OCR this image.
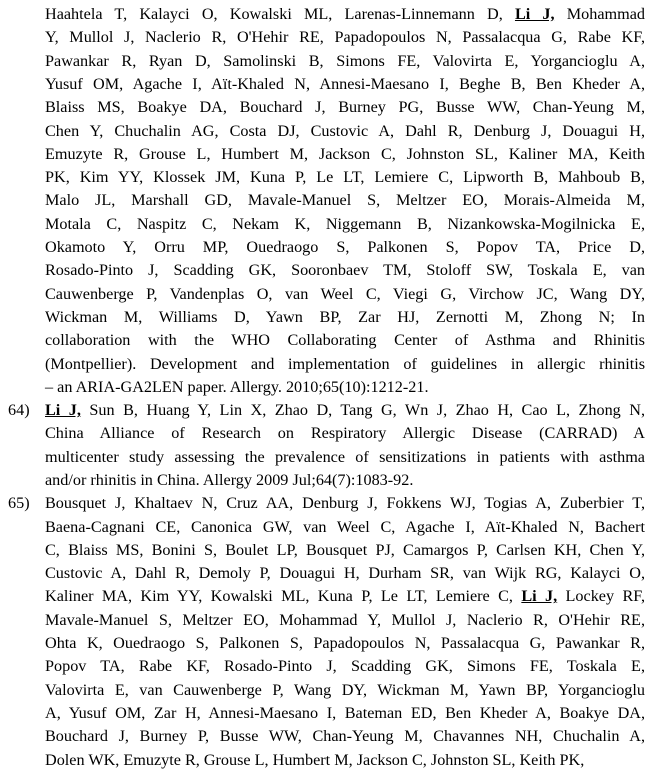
Haahtela T, Kalayci O, Kowalski ML, Larenas-Linnemann D, Li J, Mohammad
Y, Mullol J, Naclerio R, O'Hehir RE, Papadopoulos N, Passalacqua G, Rabe KF,
Pawankar R, Ryan D, Samolinski B, Simons FE, Valovirta E, Yorgancioglu A,
Yusuf OM, Agache I, Aït-Khaled N, Annesi-Maesano I, Beghe B, Ben Kheder A,
Blaiss MS, Boakye DA, Bouchard J, Burney PG, Busse WW, Chan-Yeung M,
Chen Y, Chuchalin AG, Costa DJ, Custovic A, Dahl R, Denburg J, Douagui H,
Emuzyte R, Grouse L, Humbert M, Jackson C, Johnston SL, Kaliner MA, Keith
PK, Kim YY, Klossek JM, Kuna P, Le LT, Lemiere C, Lipworth B, Mahboub B,
Malo JL, Marshall GD, Mavale-Manuel S, Meltzer EO, Morais-Almeida M,
Motala C, Naspitz C, Nekam K, Niggemann B, Nizankowska-Mogilnicka E,
Okamoto Y, Orru MP, Ouedraogo S, Palkonen S, Popov TA, Price D,
Rosado-Pinto J, Scadding GK, Sooronbaev TM, Stoloff SW, Toskala E, van
Cauwenberge P, Vandenplas O, van Weel C, Viegi G, Virchow JC, Wang DY,
Wickman M, Williams D, Yawn BP, Zar HJ, Zernotti M, Zhong N; In
collaboration with the WHO Collaborating Center of Asthma and Rhinitis
(Montpellier). Development and implementation of guidelines in allergic rhinitis
– an ARIA-GA2LEN paper. Allergy. 2010;65(10):1212-21.
64) Li J, Sun B, Huang Y, Lin X, Zhao D, Tang G, Wn J, Zhao H, Cao L, Zhong N,
China Alliance of Research on Respiratory Allergic Disease (CARRAD) A
multicenter study assessing the prevalence of sensitizations in patients with asthma
and/or rhinitis in China. Allergy 2009 Jul;64(7):1083-92.
65) Bousquet J, Khaltaev N, Cruz AA, Denburg J, Fokkens WJ, Togias A, Zuberbier T,
Baena-Cagnani CE, Canonica GW, van Weel C, Agache I, Aït-Khaled N, Bachert
C, Blaiss MS, Bonini S, Boulet LP, Bousquet PJ, Camargos P, Carlsen KH, Chen Y,
Custovic A, Dahl R, Demoly P, Douagui H, Durham SR, van Wijk RG, Kalayci O,
Kaliner MA, Kim YY, Kowalski ML, Kuna P, Le LT, Lemiere C, Li J, Lockey RF,
Mavale-Manuel S, Meltzer EO, Mohammad Y, Mullol J, Naclerio R, O'Hehir RE,
Ohta K, Ouedraogo S, Palkonen S, Papadopoulos N, Passalacqua G, Pawankar R,
Popov TA, Rabe KF, Rosado-Pinto J, Scadding GK, Simons FE, Toskala E,
Valovirta E, van Cauwenberge P, Wang DY, Wickman M, Yawn BP, Yorgancioglu
A, Yusuf OM, Zar H, Annesi-Maesano I, Bateman ED, Ben Kheder A, Boakye DA,
Bouchard J, Burney P, Busse WW, Chan-Yeung M, Chavannes NH, Chuchalin A,
Dolen WK, Emuzyte R, Grouse L, Humbert M, Jackson C, Johnston SL, Keith PK,
